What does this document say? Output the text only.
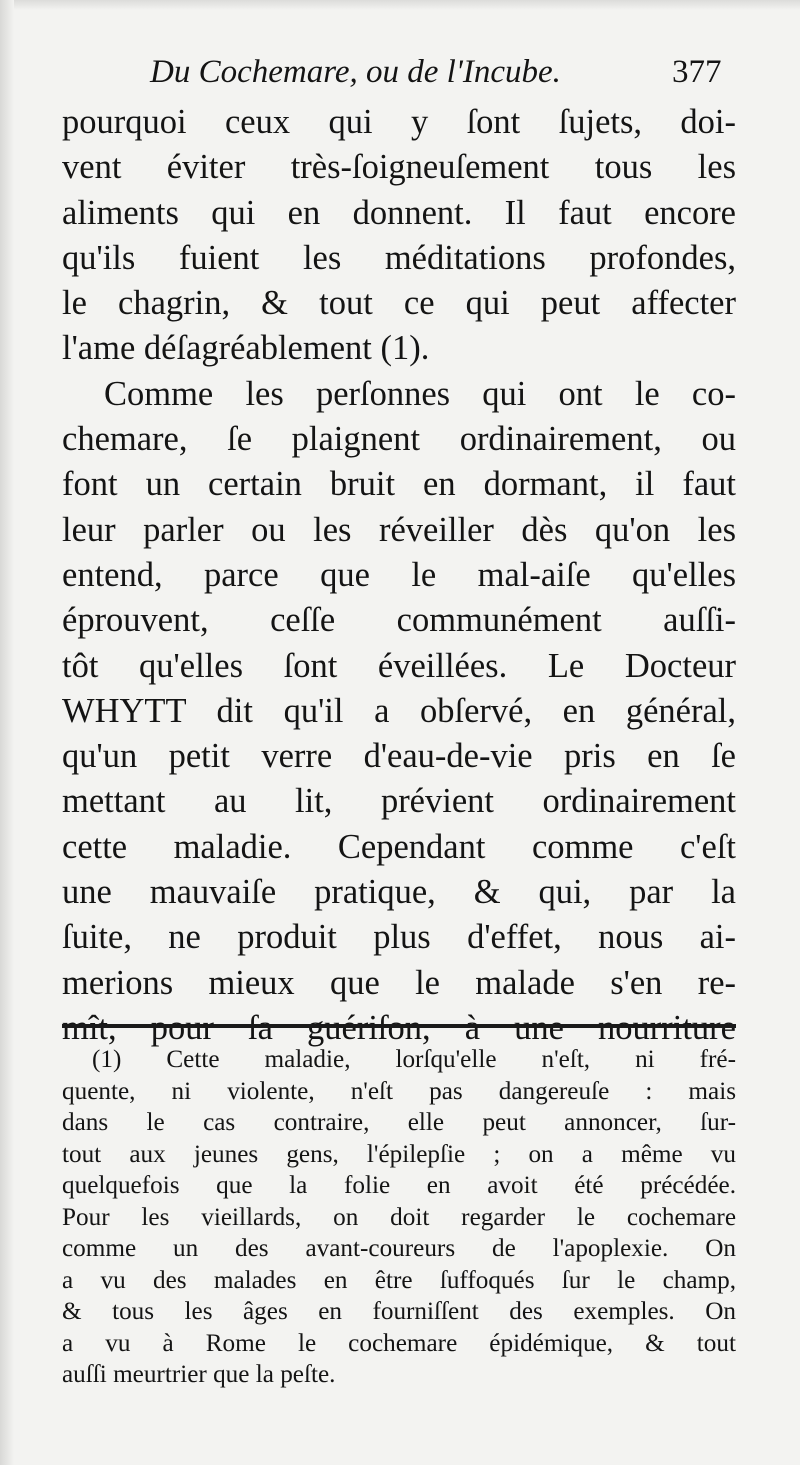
Du Cochemare, ou de l'Incube.	377
pourquoi ceux qui y ſont ſujets, doi-
vent éviter très-ſoigneuſement tous les
aliments qui en donnent. Il faut encore
qu'ils fuient les méditations profondes,
le chagrin, & tout ce qui peut affecter
l'ame déſagréablement (1).
Comme les perſonnes qui ont le co-
chemare, ſe plaignent ordinairement, ou
font un certain bruit en dormant, il faut
leur parler ou les réveiller dès qu'on les
entend, parce que le mal-aiſe qu'elles
éprouvent, ceſſe communément auſſi-
tôt qu'elles ſont éveillées. Le Docteur
WHYTT dit qu'il a obſervé, en général,
qu'un petit verre d'eau-de-vie pris en ſe
mettant au lit, prévient ordinairement
cette maladie. Cependant comme c'eſt
une mauvaiſe pratique, & qui, par la
ſuite, ne produit plus d'effet, nous ai-
merions mieux que le malade s'en re-
(1) Cette maladie, lorſqu'elle n'eſt, ni fré-
quente, ni violente, n'eſt pas dangereuſe : mais
dans le cas contraire, elle peut annoncer, ſur-
tout aux jeunes gens, l'épilepſie ; on a même vu
quelquefois que la folie en avoit été précédée.
Pour les vieillards, on doit regarder le cochemare
comme un des avant-coureurs de l'apoplexie. On
a vu des malades en être ſuffoqués ſur le champ,
& tous les âges en fourniſſent des exemples. On
a vu à Rome le cochemare épidémique, & tout
auſſi meurtrier que la peſte.
